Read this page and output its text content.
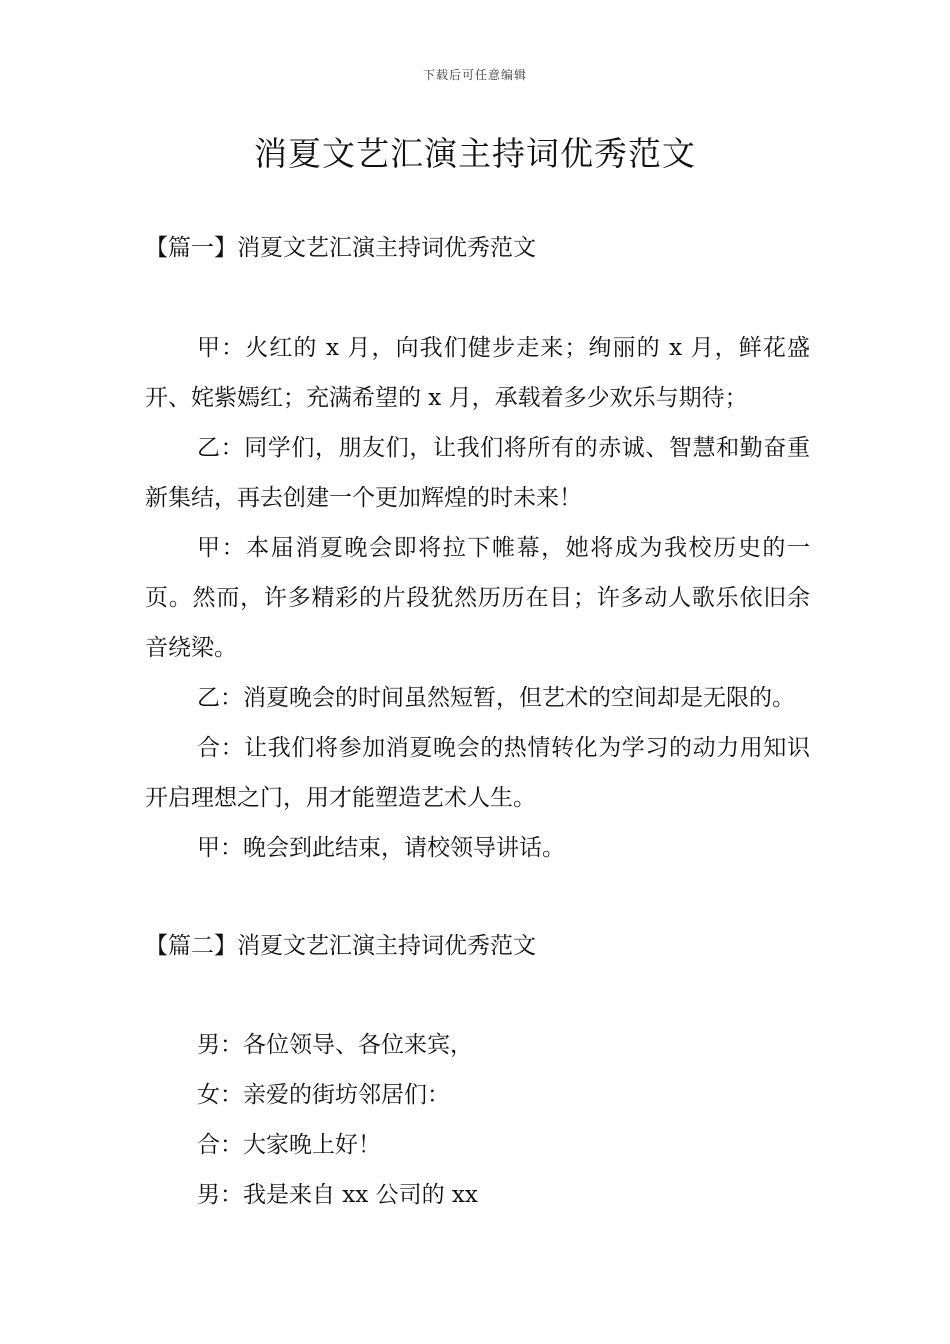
下载后可任意编辑
消夏文艺汇演主持词优秀范文
【篇一】消夏文艺汇演主持词优秀范文

甲：火红的 x 月，向我们健步走来；绚丽的 x 月，鲜花盛开、姹紫嫣红；充满希望的 x 月，承载着多少欢乐与期待；

乙：同学们，朋友们，让我们将所有的赤诚、智慧和勤奋重新集结，再去创建一个更加辉煌的时未来！

甲：本届消夏晚会即将拉下帷幕，她将成为我校历史的一页。然而，许多精彩的片段犹然历历在目；许多动人歌乐依旧余音绕梁。

乙：消夏晚会的时间虽然短暂，但艺术的空间却是无限的。

合：让我们将参加消夏晚会的热情转化为学习的动力用知识开启理想之门，用才能塑造艺术人生。

甲：晚会到此结束，请校领导讲话。

【篇二】消夏文艺汇演主持词优秀范文

男：各位领导、各位来宾，

女：亲爱的街坊邻居们：

合：大家晚上好！

男：我是来自 xx 公司的 xx
